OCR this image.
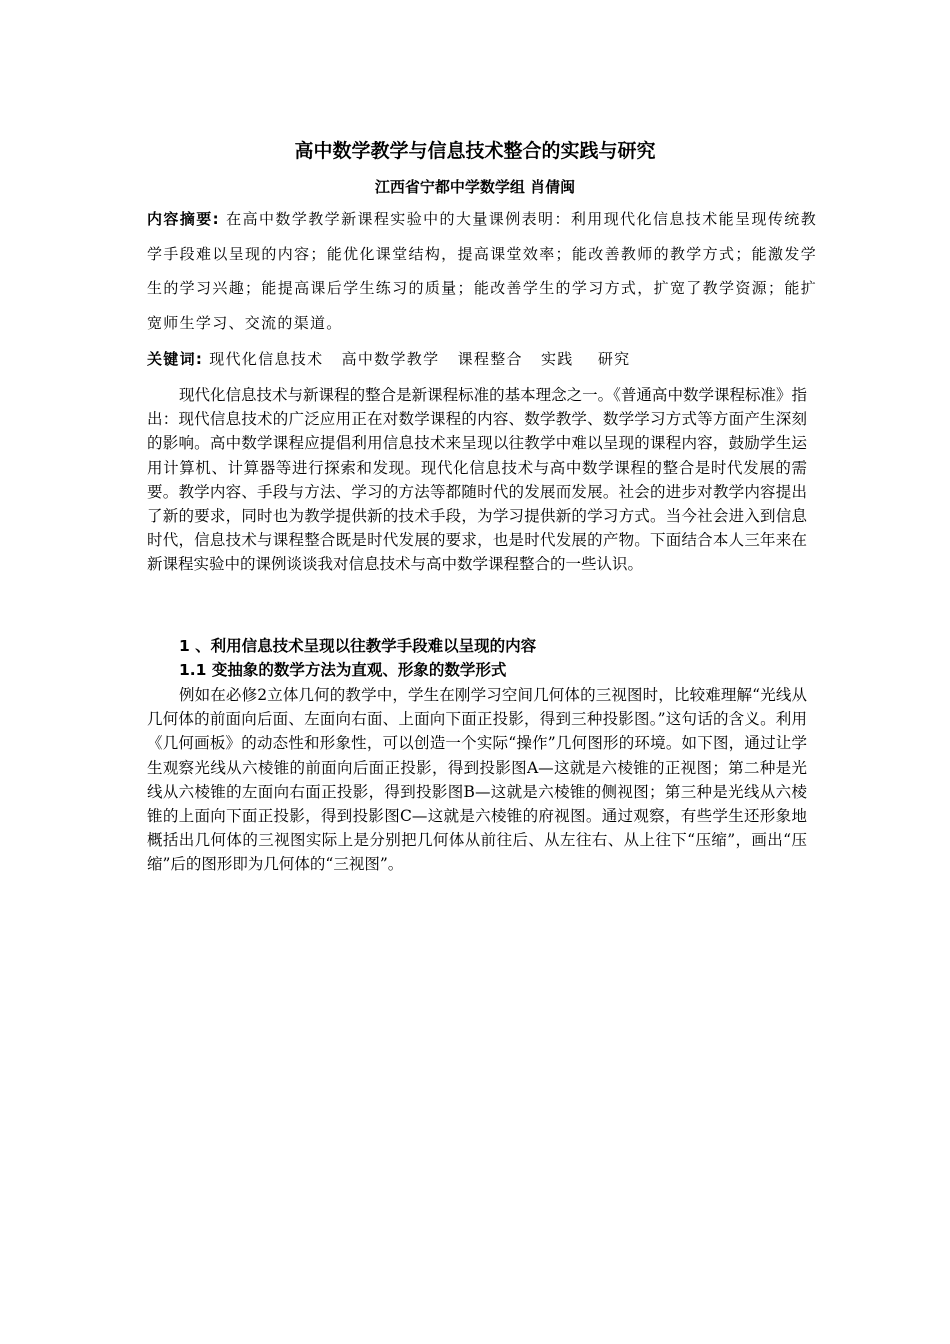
高中数学教学与信息技术整合的实践与研究
江西省宁都中学数学组 肖倩闽

内容摘要: 在高中数学教学新课程实验中的大量课例表明：利用现代化信息技术能呈现传统教学手段难以呈现的内容；能优化课堂结构，提高课堂效率；能改善教师的教学方式；能激发学生的学习兴趣；能提高课后学生练习的质量；能改善学生的学习方式，扩宽了教学资源；能扩宽师生学习、交流的渠道。

关键词: 现代化信息技术   高中数学教学   课程整合   实践    研究

现代化信息技术与新课程的整合是新课程标准的基本理念之一。《普通高中数学课程标准》指出：现代信息技术的广泛应用正在对数学课程的内容、数学教学、数学学习方式等方面产生深刻的影响。高中数学课程应提倡利用信息技术来呈现以往教学中难以呈现的课程内容，鼓励学生运用计算机、计算器等进行探索和发现。现代化信息技术与高中数学课程的整合是时代发展的需要。教学内容、手段与方法、学习的方法等都随时代的发展而发展。社会的进步对教学内容提出了新的要求，同时也为教学提供新的技术手段，为学习提供新的学习方式。当今社会进入到信息时代，信息技术与课程整合既是时代发展的要求，也是时代发展的产物。下面结合本人三年来在新课程实验中的课例谈谈我对信息技术与高中数学课程整合的一些认识。

1 、利用信息技术呈现以往教学手段难以呈现的内容

1.1 变抽象的数学方法为直观、形象的数学形式

例如在必修2立体几何的教学中，学生在刚学习空间几何体的三视图时，比较难理解“光线从几何体的前面向后面、左面向右面、上面向下面正投影，得到三种投影图。”这句话的含义。利用《几何画板》的动态性和形象性，可以创造一个实际“操作”几何图形的环境。如下图，通过让学生观察光线从六棱锥的前面向后面正投影，得到投影图A—这就是六棱锥的正视图；第二种是光线从六棱锥的左面向右面正投影，得到投影图B—这就是六棱锥的侧视图；第三种是光线从六棱锥的上面向下面正投影，得到投影图C—这就是六棱锥的府视图。通过观察，有些学生还形象地概括出几何体的三视图实际上是分别把几何体从前往后、从左往右、从上往下“压缩”，画出“压缩”后的图形即为几何体的“三视图”。
